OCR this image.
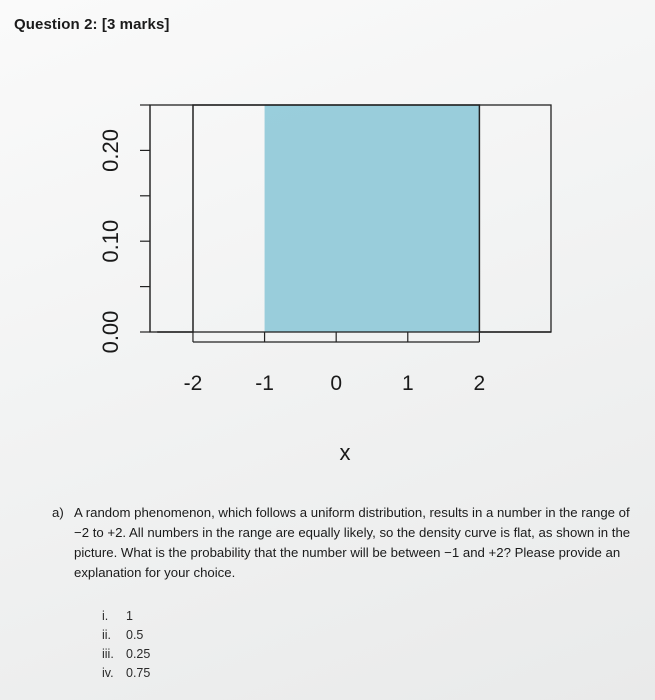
Question 2: [3 marks]
-2	-1	0	1	2
x
0.00
0.10
0.20
a) A random phenomenon, which follows a uniform distribution, results in a number in the range of −2 to +2. All numbers in the range are equally likely, so the density curve is flat, as shown in the picture. What is the probability that the number will be between −1 and +2? Please provide an explanation for your choice.
i.	1
ii.	0.5
iii. 0.25
iv. 0.75
